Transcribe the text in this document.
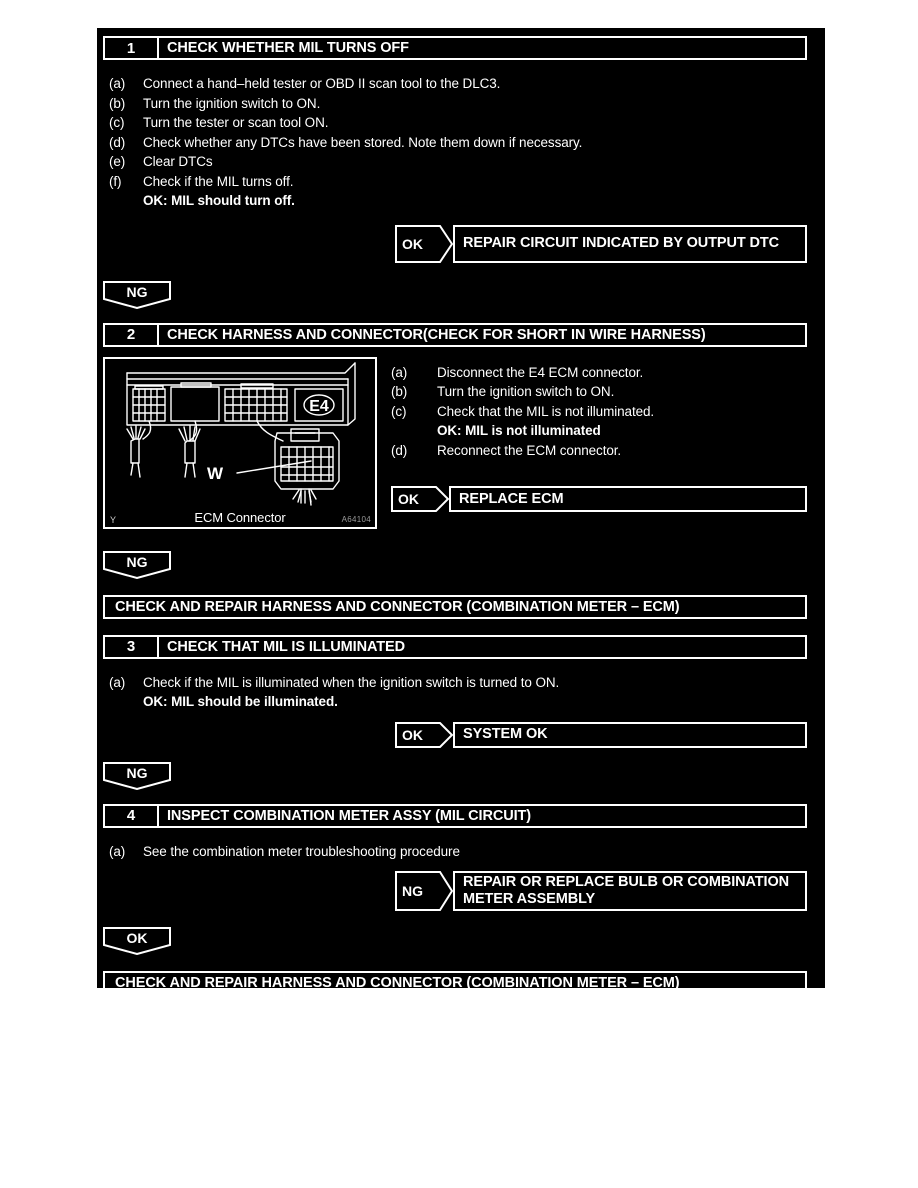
1	CHECK WHETHER MIL TURNS OFF
(a)	Connect a hand–held tester or OBD II scan tool to the DLC3.
(b)	Turn the ignition switch to ON.
(c)	Turn the tester or scan tool ON.
(d)	Check whether any DTCs have been stored. Note them down if necessary.
(e)	Clear DTCs
(f)	Check if the MIL turns off.
OK: MIL should turn off.
OK	REPAIR CIRCUIT INDICATED BY OUTPUT DTC
NG
2	CHECK HARNESS AND CONNECTOR(CHECK FOR SHORT IN WIRE HARNESS)
W
E4
ECM Connector	A64104
Y
(a)	Disconnect the E4 ECM connector.
(b)	Turn the ignition switch to ON.
(c)	Check that the MIL is not illuminated.
OK: MIL is not illuminated
(d)	Reconnect the ECM connector.
OK	REPLACE ECM
NG
CHECK AND REPAIR HARNESS AND CONNECTOR (COMBINATION METER – ECM)
3	CHECK THAT MIL IS ILLUMINATED
(a)	Check if the MIL is illuminated when the ignition switch is turned to ON.
OK: MIL should be illuminated.
OK	SYSTEM OK
NG
4	INSPECT COMBINATION METER ASSY (MIL CIRCUIT)
(a)	See the combination meter troubleshooting procedure
NG
REPAIR OR REPLACE BULB OR COMBINATION
METER ASSEMBLY
OK
CHECK AND REPAIR HARNESS AND CONNECTOR (COMBINATION METER – ECM)
